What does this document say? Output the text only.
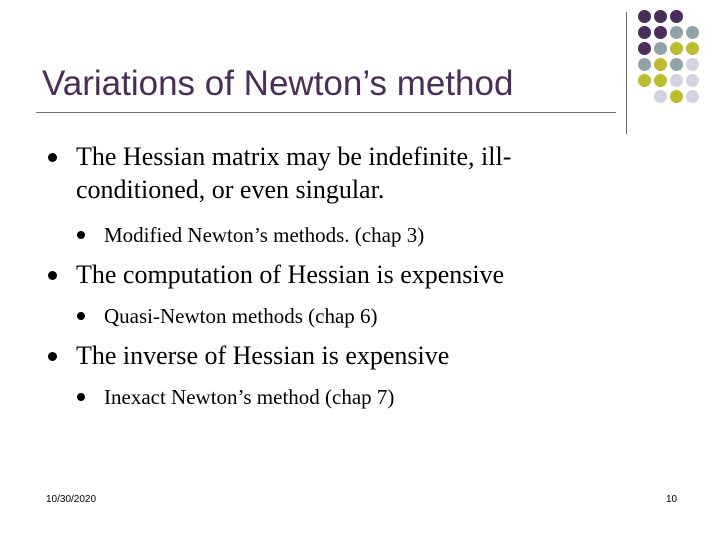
Variations of Newton’s method
The Hessian matrix may be indefinite, ill-
conditioned, or even singular.
Modified Newton’s methods. (chap 3)
The computation of Hessian is expensive
Quasi-Newton methods (chap 6)
The inverse of Hessian is expensive
Inexact Newton’s method (chap 7)
10/30/2020	10
